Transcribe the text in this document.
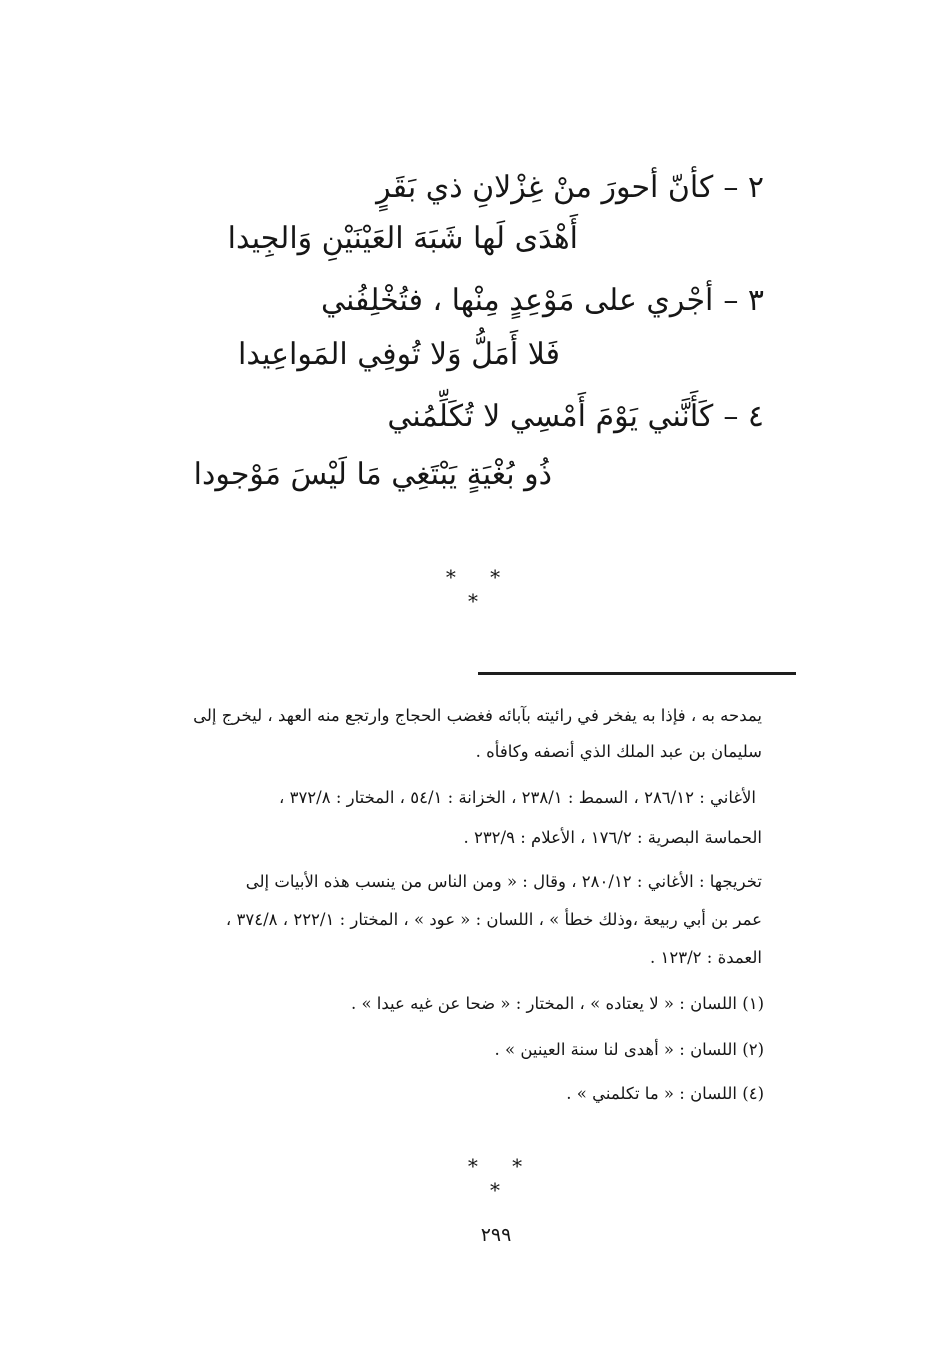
٢ –كأنّ أحورَ منْ غِزْلانِ ذي بَقَرٍ
أَهْدَى لَها شَبَهَ العَيْنَيْنِ وَالجِيدا
٣ –أجْري على مَوْعِدٍ مِنْها ، فتُخْلِفُني
فَلا أَمَلُّ وَلا تُوفِي المَواعِيدا
٤ –كَأَنَّني يَوْمَ أَمْسِي لا تُكَلِّمُني
ذُو بُغْيَةٍ يَبْتَغِي مَا لَيْسَ مَوْجودا
* * *
يمدحه به ، فإذا به يفخر في رائيته بآبائه فغضب الحجاج وارتجع منه العهد ، ليخرج إلى
سليمان بن عبد الملك الذي أنصفه وكافأه .
الأغاني : ٢٨٦/١٢ ، السمط : ٢٣٨/١ ، الخزانة : ٥٤/١ ، المختار : ٣٧٢/٨ ،
الحماسة البصرية : ١٧٦/٢ ، الأعلام : ٢٣٢/٩ .
تخريجها : الأغاني : ٢٨٠/١٢ ، وقال : « ومن الناس من ينسب هذه الأبيات إلى
عمر بن أبي ربيعة ،وذلك خطأ » ، اللسان : « عود » ، المختار : ٢٢٢/١ ، ٣٧٤/٨ ،
العمدة : ١٢٣/٢ .
(١) اللسان : « لا يعتاده » ، المختار : « ضحا عن غيه عيدا » .
(٢) اللسان : « أهدى لنا سنة العينين » .
(٤) اللسان : « ما تكلمني » .
* * *
٢٩٩
